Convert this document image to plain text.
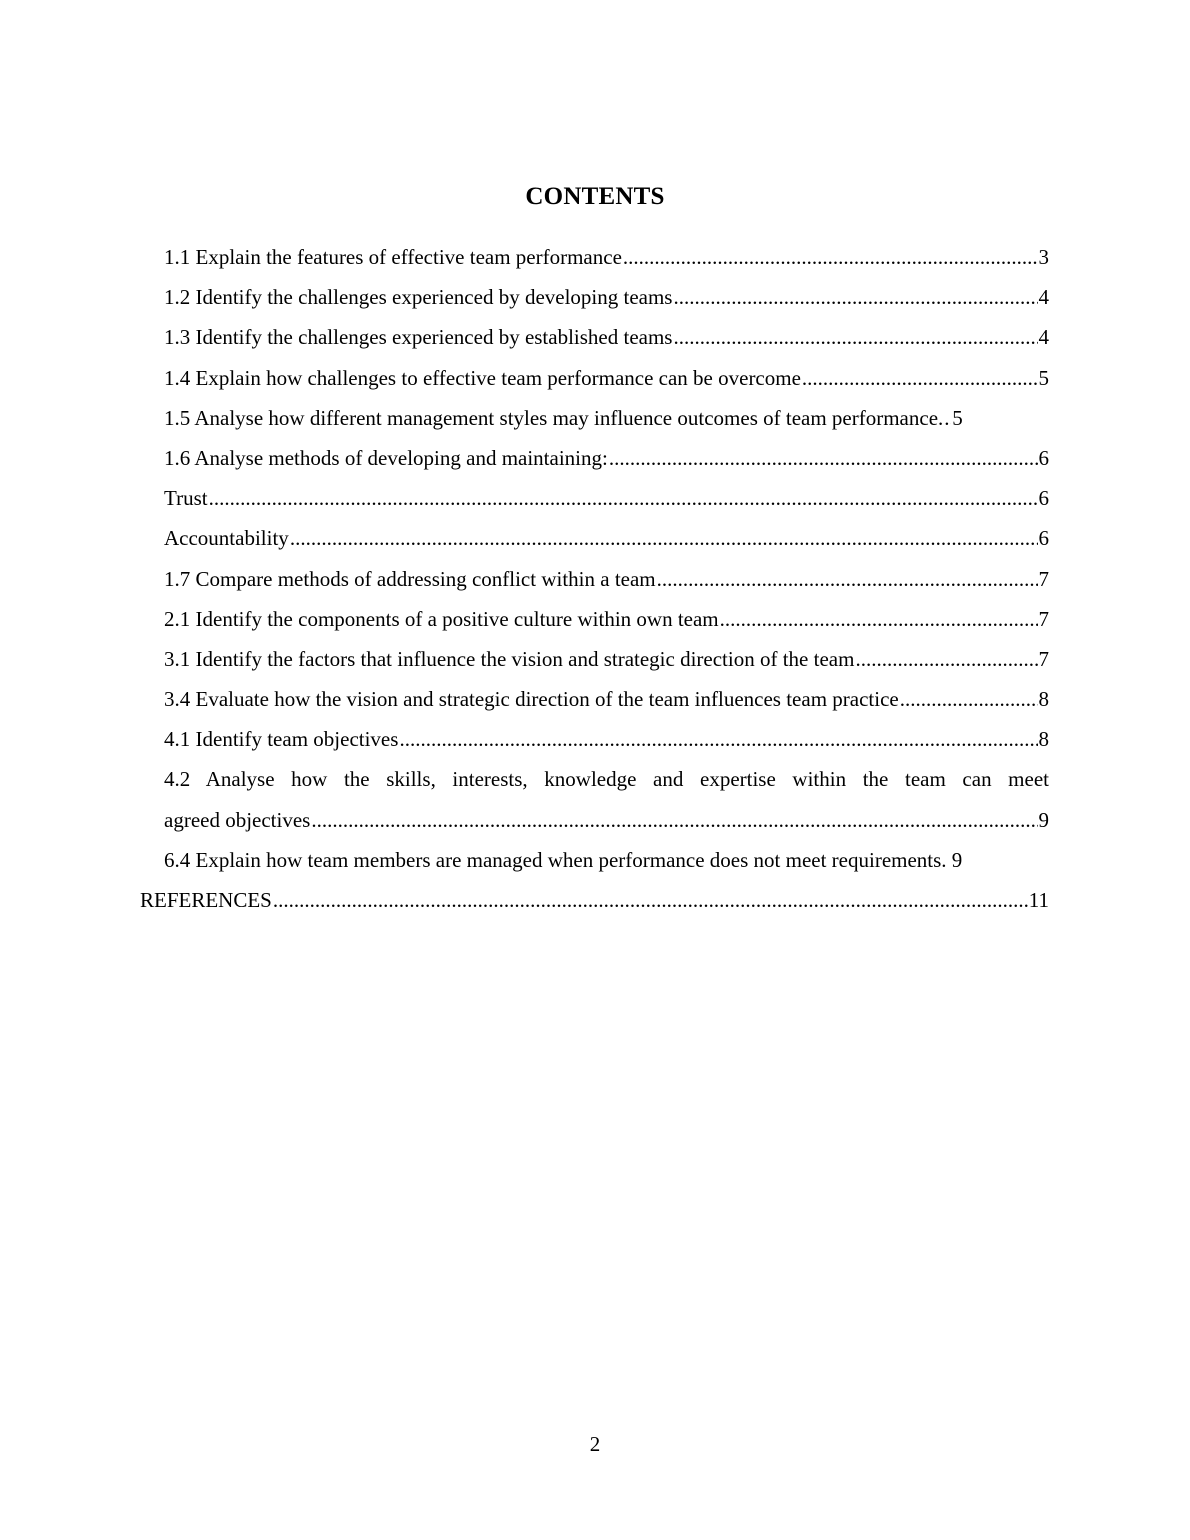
CONTENTS
1.1 Explain the features of effective team performance .....	3
1.2 Identify the challenges experienced by developing teams .....	4
1.3 Identify the challenges experienced by established teams .....	4
1.4 Explain how challenges to effective team performance can be overcome .....	5
1.5 Analyse how different management styles may influence outcomes of team performance. ..... 5
1.6 Analyse methods of developing and maintaining: .....	6
Trust .....	6
Accountability .....	6
1.7 Compare methods of addressing conflict within a team .....	7
2.1 Identify the components of a positive culture within own team .....	7
3.1 Identify the factors that influence the vision and strategic direction of the team .....	7
3.4 Evaluate how the vision and strategic direction of the team influences team practice .....	8
4.1 Identify team objectives .....	8
4.2 Analyse how the skills, interests, knowledge and expertise within the team can meet
agreed objectives .....	9
6.4 Explain how team members are managed when performance does not meet requirements. 9
REFERENCES .....	11
2
